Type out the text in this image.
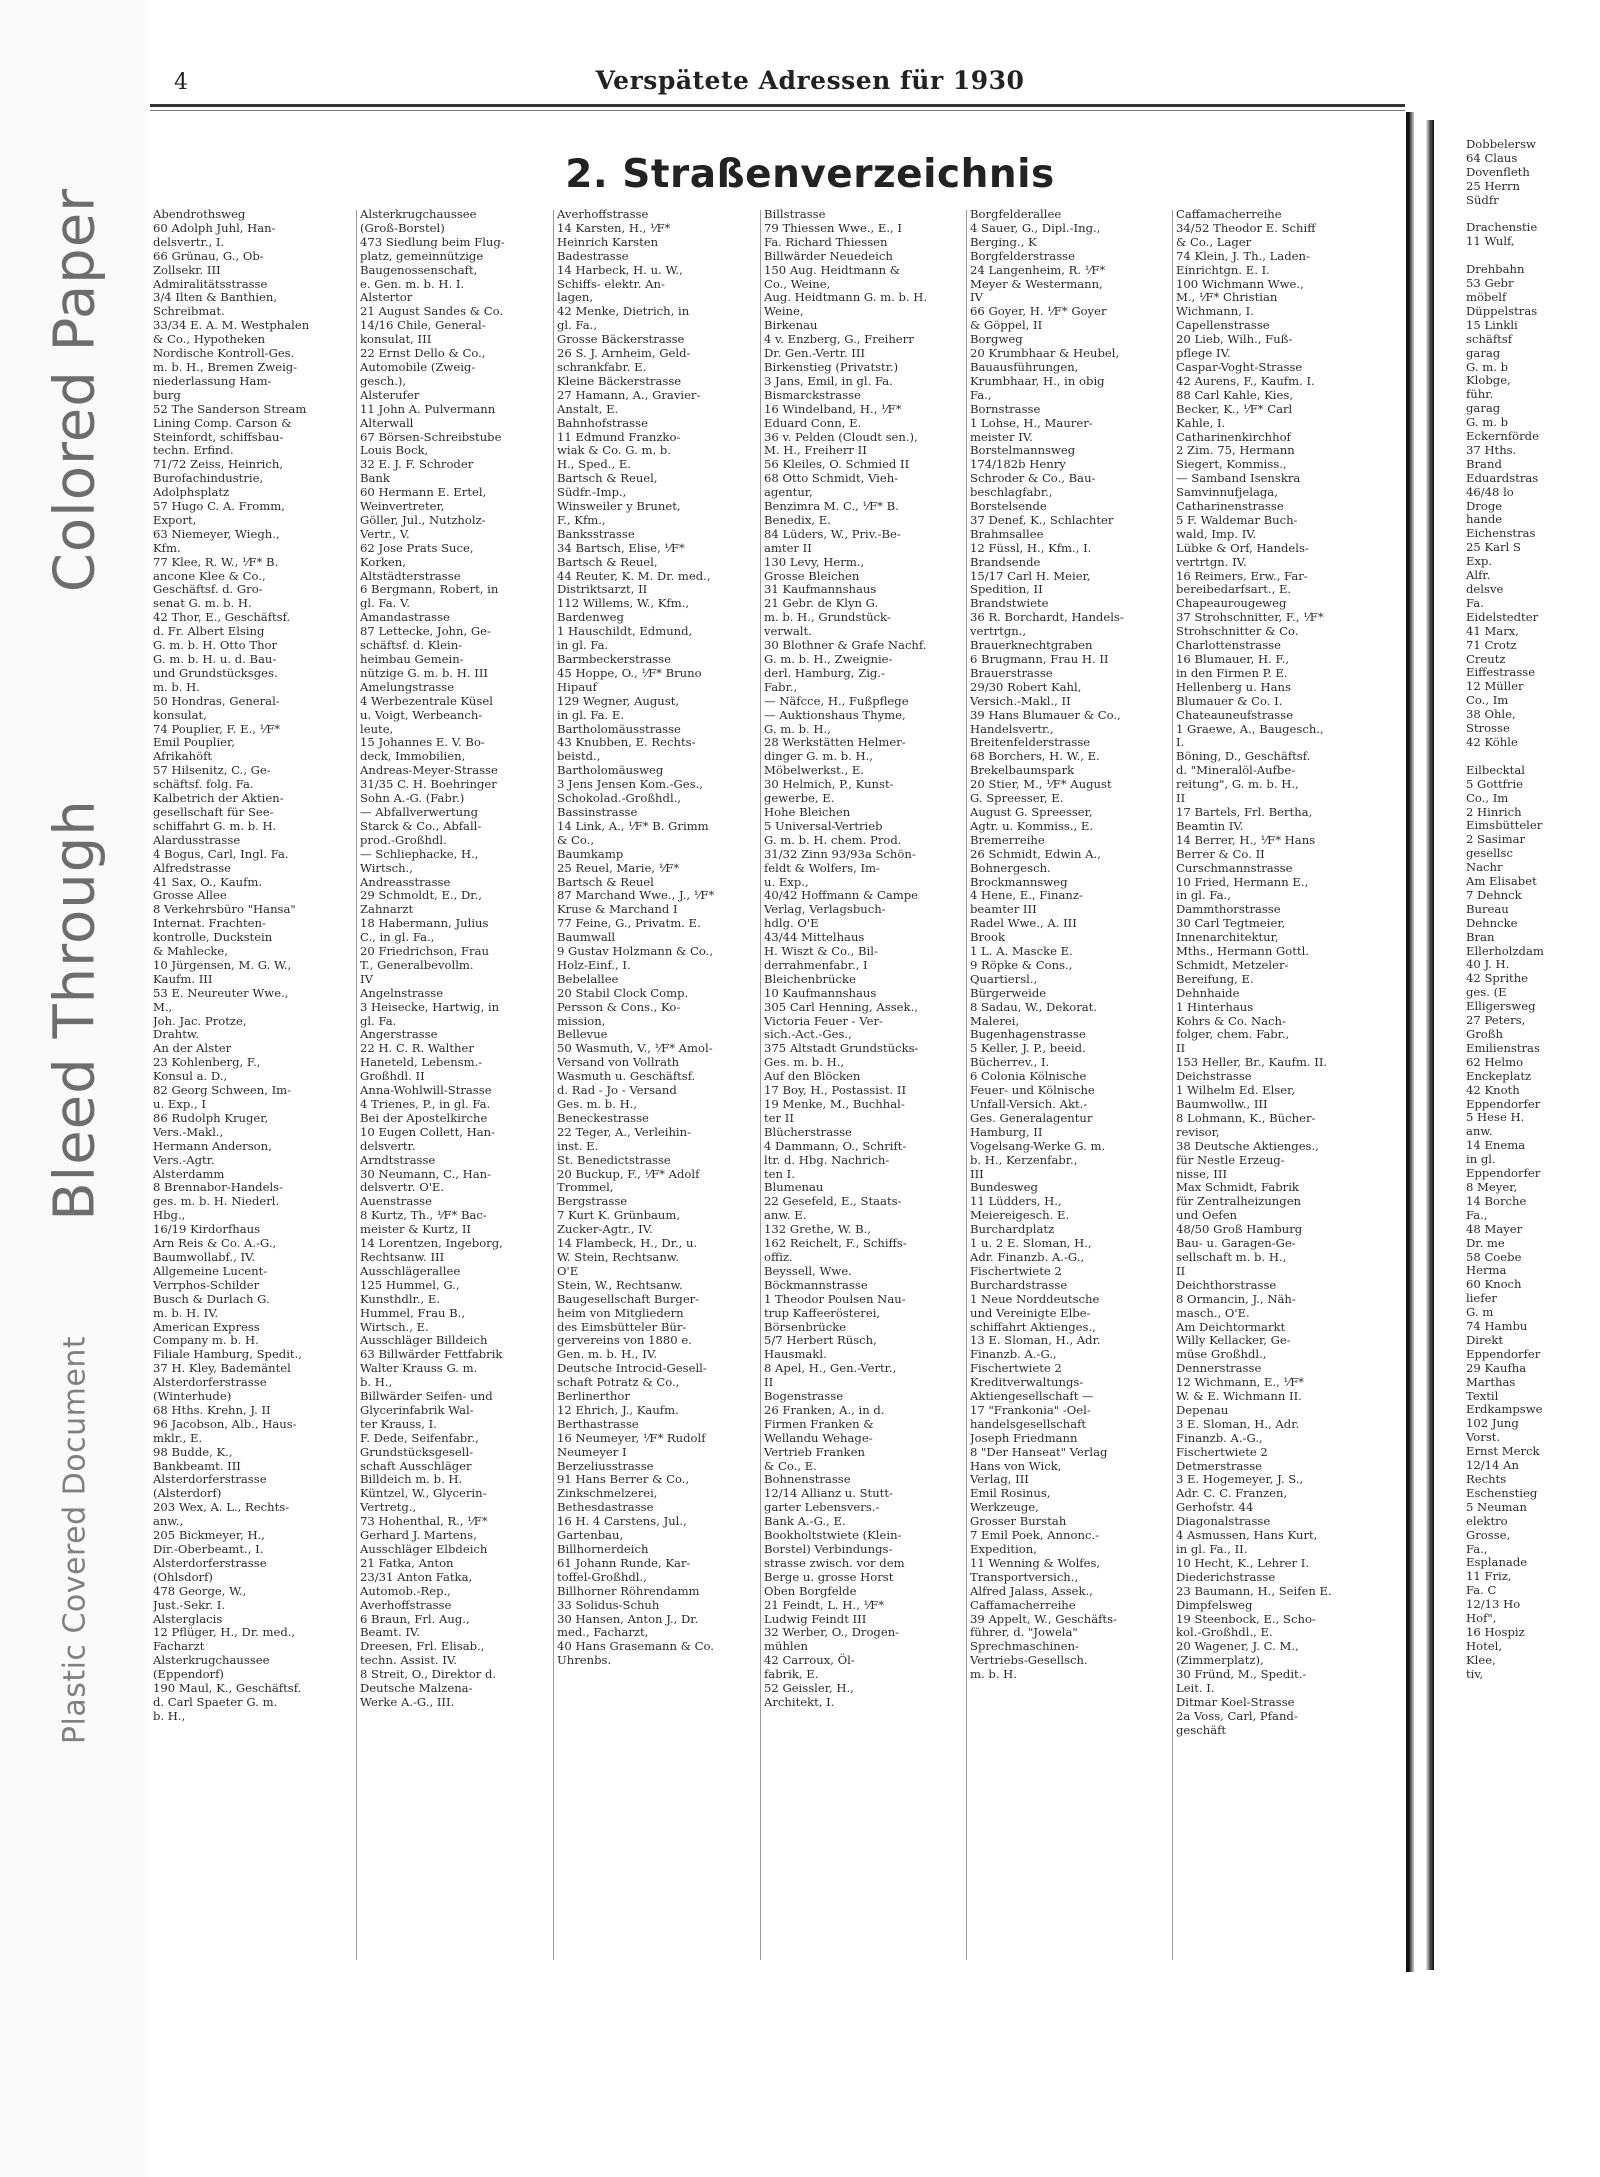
Plastic Covered Document
Bleed Through
Colored Paper
4	Verspätete Adressen für 1930
2. Straßenverzeichnis
Abendrothsweg
60 Adolph Juhl, Han-
delsvertr., I.
66 Grünau, G., Ob-
Zollsekr. III
Admiralitätsstrasse
3/4 Ilten & Banthien,
Schreibmat.
33/34 E. A. M. Westphalen
& Co., Hypotheken
Nordische Kontroll-Ges.
m. b. H., Bremen Zweig-
niederlassung Ham-
burg
52 The Sanderson Stream
Lining Comp. Carson &
Steinfordt, schiffsbau-
techn. Erfind.
71/72 Zeiss, Heinrich,
Burofachindustrie,
Adolphsplatz
57 Hugo C. A. Fromm,
Export,
63 Niemeyer, Wiegh.,
Kfm.
77 Klee, R. W., ⅟F* B.
ancone Klee & Co.,
Geschäftsf. d. Gro-
senat G. m. b. H.
42 Thor, E., Geschäftsf.
d. Fr. Albert Elsing
G. m. b. H. Otto Thor
G. m. b. H. u. d. Bau-
und Grundstücksges.
m. b. H.
50 Hondras, General-
konsulat,
74 Pouplier, F. E., ⅟F*
Emil Pouplier,
Afrikahöft
57 Hilsenitz, C., Ge-
schäftsf. folg. Fa.
Kalbetrich der Aktien-
gesellschaft für See-
schiffahrt G. m. b. H.
Alardusstrasse
4 Bogus, Carl, Ingl. Fa.
Alfredstrasse
41 Sax, O., Kaufm.
Grosse Allee
8 Verkehrsbüro "Hansa"
Internat. Frachten-
kontrolle, Duckstein
& Mahlecke,
10 Jürgensen, M. G. W.,
Kaufm. III
53 E. Neureuter Wwe.,
M.,
Joh. Jac. Protze,
Drahtw.
An der Alster
23 Kohlenberg, F.,
Konsul a. D.,
82 Georg Schween, Im-
u. Exp., I
86 Rudolph Kruger,
Vers.-Makl.,
Hermann Anderson,
Vers.-Agtr.
Alsterdamm
8 Brennabor-Handels-
ges. m. b. H. Niederl.
Hbg.,
16/19 Kirdorfhaus
Arn Reis & Co. A.-G.,
Baumwollabf., IV.
Allgemeine Lucent-
Verrphos-Schilder
Busch & Durlach G.
m. b. H. IV.
American Express
Company m. b. H.
Filiale Hamburg, Spedit.,
37 H. Kley, Bademäntel
Alsterdorferstrasse
(Winterhude)
68 Hths. Krehn, J. II
96 Jacobson, Alb., Haus-
mklr., E.
98 Budde, K.,
Bankbeamt. III
Alsterdorferstrasse
(Alsterdorf)
203 Wex, A. L., Rechts-
anw.,
205 Bickmeyer, H.,
Dir.-Oberbeamt., I.
Alsterdorferstrasse
(Ohlsdorf)
478 George, W.,
Just.-Sekr. I.
Alsterglacis
12 Pflüger, H., Dr. med.,
Facharzt
Alsterkrugchaussee
(Eppendorf)
190 Maul, K., Geschäftsf.
d. Carl Spaeter G. m.
b. H.,
Alsterkrugchaussee
(Groß-Borstel)
473 Siedlung beim Flug-
platz, gemeinnützige
Baugenossenschaft,
e. Gen. m. b. H. I.
Alstertor
21 August Sandes & Co.
14/16 Chile, General-
konsulat, III
22 Ernst Dello & Co.,
Automobile (Zweig-
gesch.),
Alsterufer
11 John A. Pulvermann
Alterwall
67 Börsen-Schreibstube
Louis Bock,
32 E. J. F. Schroder
Bank
60 Hermann E. Ertel,
Weinvertreter,
Göller, Jul., Nutzholz-
Vertr., V.
62 Jose Prats Suce,
Korken,
Altstädterstrasse
6 Bergmann, Robert, in
gl. Fa. V.
Amandastrasse
87 Lettecke, John, Ge-
schäftsf. d. Klein-
heimbau Gemein-
nützige G. m. b. H. III
Amelungstrasse
4 Werbezentrale Küsel
u. Voigt, Werbeanch-
leute,
15 Johannes E. V. Bo-
deck, Immobilien,
Andreas-Meyer-Strasse
31/35 C. H. Boehringer
Sohn A.-G. (Fabr.)
— Abfallverwertung
Starck & Co., Abfall-
prod.-Großhdl.
— Schliephacke, H.,
Wirtsch.,
Andreasstrasse
29 Schmoldt, E., Dr.,
Zahnarzt
18 Habermann, Julius
C., in gl. Fa.,
20 Friedrichson, Frau
T., Generalbevollm.
IV
Angelnstrasse
3 Heisecke, Hartwig, in
gl. Fa.
Angerstrasse
22 H. C. R. Walther
Haneteld, Lebensm.-
Großhdl. II
Anna-Wohlwill-Strasse
4 Trienes, P., in gl. Fa.
Bei der Apostelkirche
10 Eugen Collett, Han-
delsvertr.
Arndtstrasse
30 Neumann, C., Han-
delsvertr. O'E.
Auenstrasse
8 Kurtz, Th., ⅟F* Bac-
meister & Kurtz, II
14 Lorentzen, Ingeborg,
Rechtsanw. III
Ausschlägerallee
125 Hummel, G.,
Kunsthdlr., E.
Hummel, Frau B.,
Wirtsch., E.
Ausschläger Billdeich
63 Billwärder Fettfabrik
Walter Krauss G. m.
b. H.,
Billwärder Seifen- und
Glycerinfabrik Wal-
ter Krauss, I.
F. Dede, Seifenfabr.,
Grundstücksgesell-
schaft Ausschläger
Billdeich m. b. H.
Küntzel, W., Glycerin-
Vertretg.,
73 Hohenthal, R., ⅟F*
Gerhard J. Martens,
Ausschläger Elbdeich
21 Fatka, Anton
23/31 Anton Fatka,
Automob.-Rep.,
Averhoffstrasse
6 Braun, Frl. Aug.,
Beamt. IV.
Dreesen, Frl. Elisab.,
techn. Assist. IV.
8 Streit, O., Direktor d.
Deutsche Malzena-
Werke A.-G., III.
Averhoffstrasse
14 Karsten, H., ⅟F*
Heinrich Karsten
Badestrasse
14 Harbeck, H. u. W.,
Schiffs- elektr. An-
lagen,
42 Menke, Dietrich, in
gl. Fa.,
Grosse Bäckerstrasse
26 S. J. Arnheim, Geld-
schrankfabr. E.
Kleine Bäckerstrasse
27 Hamann, A., Gravier-
Anstalt, E.
Bahnhofstrasse
11 Edmund Franzko-
wiak & Co. G. m. b.
H., Sped., E.
Bartsch & Reuel,
Südfr.-Imp.,
Winsweiler y Brunet,
F., Kfm.,
Banksstrasse
34 Bartsch, Elise, ⅟F*
Bartsch & Reuel,
44 Reuter, K. M. Dr. med.,
Distriktsarzt, II
112 Willems, W., Kfm.,
Bardenweg
1 Hauschildt, Edmund,
in gl. Fa.
Barmbeckerstrasse
45 Hoppe, O., ⅟F* Bruno
Hipauf
129 Wegner, August,
in gl. Fa. E.
Bartholomäusstrasse
43 Knubben, E. Rechts-
beistd.,
Bartholomäusweg
3 Jens Jensen Kom.-Ges.,
Schokolad.-Großhdl.,
Bassinstrasse
14 Link, A., ⅟F* B. Grimm
& Co.,
Baumkamp
25 Reuel, Marie, ⅟F*
Bartsch & Reuel
87 Marchand Wwe., J., ⅟F*
Kruse & Marchand I
77 Feine, G., Privatm. E.
Baumwall
9 Gustav Holzmann & Co.,
Holz-Einf., I.
Bebelallee
20 Stabil Clock Comp.
Persson & Cons., Ko-
mission,
Bellevue
50 Wasmuth, V., ⅟F* Amol-
Versand von Vollrath
Wasmuth u. Geschäftsf.
d. Rad - Jo - Versand
Ges. m. b. H.,
Beneckestrasse
22 Teger, A., Verleihin-
inst. E.
St. Benedictstrasse
20 Buckup, F., ⅟F* Adolf
Trommel,
Bergstrasse
7 Kurt K. Grünbaum,
Zucker-Agtr., IV.
14 Flambeck, H., Dr., u.
W. Stein, Rechtsanw.
O'E
Stein, W., Rechtsanw.
Baugesellschaft Burger-
heim von Mitgliedern
des Eimsbütteler Bür-
gervereins von 1880 e.
Gen. m. b. H., IV.
Deutsche Introcid-Gesell-
schaft Potratz & Co.,
Berlinerthor
12 Ehrich, J., Kaufm.
Berthastrasse
16 Neumeyer, ⅟F* Rudolf
Neumeyer I
Berzeliusstrasse
91 Hans Berrer & Co.,
Zinkschmelzerei,
Bethesdastrasse
16 H. 4 Carstens, Jul.,
Gartenbau,
Billhornerdeich
61 Johann Runde, Kar-
toffel-Großhdl.,
Billhorner Röhrendamm
33 Solidus-Schuh
30 Hansen, Anton J., Dr.
med., Facharzt,
40 Hans Grasemann & Co.
Uhrenbs.
Billstrasse
79 Thiessen Wwe., E., I
Fa. Richard Thiessen
Billwärder Neuedeich
150 Aug. Heidtmann &
Co., Weine,
Aug. Heidtmann G. m. b. H.
Weine,
Birkenau
4 v. Enzberg, G., Freiherr
Dr. Gen.-Vertr. III
Birkenstieg (Privatstr.)
3 Jans, Emil, in gl. Fa.
Bismarckstrasse
16 Windelband, H., ⅟F*
Eduard Conn, E.
36 v. Pelden (Cloudt sen.),
M. H., Freiherr II
56 Kleiles, O. Schmied II
68 Otto Schmidt, Vieh-
agentur,
Benzimra M. C., ⅟F* B.
Benedix, E.
84 Lüders, W., Priv.-Be-
amter II
130 Levy, Herm.,
Grosse Bleichen
31 Kaufmannshaus
21 Gebr. de Klyn G.
m. b. H., Grundstück-
verwalt.
30 Blothner & Grafe Nachf.
G. m. b. H., Zweignie-
derl. Hamburg, Zig.-
Fabr.,
— Näfcce, H., Fußpflege
— Auktionshaus Thyme,
G. m. b. H.,
28 Werkstätten Helmer-
dinger G. m. b. H.,
Möbelwerkst., E.
30 Helmich, P., Kunst-
gewerbe, E.
Hohe Bleichen
5 Universal-Vertrieb
G. m. b. H. chem. Prod.
31/32 Zinn 93/93a Schön-
feldt & Wolfers, Im-
u. Exp.,
40/42 Hoffmann & Campe
Verlag, Verlagsbuch-
hdlg. O'E
43/44 Mittelhaus
H. Wiszt & Co., Bil-
derrahmenfabr., I
Bleichenbrücke
10 Kaufmannshaus
305 Carl Henning, Assek.,
Victoria Feuer - Ver-
sich.-Act.-Ges.,
375 Altstadt Grundstücks-
Ges. m. b. H.,
Auf den Blöcken
17 Boy, H., Postassist. II
19 Menke, M., Buchhal-
ter II
Blücherstrasse
4 Dammann, O., Schrift-
ltr. d. Hbg. Nachrich-
ten I.
Blumenau
22 Gesefeld, E., Staats-
anw. E.
132 Grethe, W. B.,
162 Reichelt, F., Schiffs-
offiz.
Beyssell, Wwe.
Böckmannstrasse
1 Theodor Poulsen Nau-
trup Kaffeerösterei,
Börsenbrücke
5/7 Herbert Rüsch,
Hausmakl.
8 Apel, H., Gen.-Vertr.,
II
Bogenstrasse
26 Franken, A., in d.
Firmen Franken &
Wellandu Wehage-
Vertrieb Franken
& Co., E.
Bohnenstrasse
12/14 Allianz u. Stutt-
garter Lebensvers.-
Bank A.-G., E.
Bookholtstwiete (Klein-
Borstel) Verbindungs-
strasse zwisch. vor dem
Berge u. grosse Horst
Oben Borgfelde
21 Feindt, L. H., ⅟F*
Ludwig Feindt III
32 Werber, O., Drogen-
mühlen
42 Carroux, Öl-
fabrik, E.
52 Geissler, H.,
Architekt, I.
Borgfelderallee
4 Sauer, G., Dipl.-Ing.,
Berging., K
Borgfelderstrasse
24 Langenheim, R. ⅟F*
Meyer & Westermann,
IV
66 Goyer, H. ⅟F* Goyer
& Göppel, II
Borgweg
20 Krumbhaar & Heubel,
Bauausführungen,
Krumbhaar, H., in obig
Fa.,
Bornstrasse
1 Lohse, H., Maurer-
meister IV.
Borstelmannsweg
174/182b Henry
Schroder & Co., Bau-
beschlagfabr.,
Borstelsende
37 Denef, K., Schlachter
Brahmsallee
12 Füssl, H., Kfm., I.
Brandsende
15/17 Carl H. Meier,
Spedition, II
Brandstwiete
36 R. Borchardt, Handels-
vertrtgn.,
Brauerknechtgraben
6 Brugmann, Frau H. II
Brauerstrasse
29/30 Robert Kahl,
Versich.-Makl., II
39 Hans Blumauer & Co.,
Handelsvertr.,
Breitenfelderstrasse
68 Borchers, H. W., E.
Brekelbaumspark
20 Stier, M., ⅟F* August
G. Spreesser, E.
August G. Spreesser,
Agtr. u. Kommiss., E.
Bremerreihe
26 Schmidt, Edwin A.,
Bohnergesch.
Brockmannsweg
4 Hene, E., Finanz-
beamter III
Radel Wwe., A. III
Brook
1 L. A. Mascke E.
9 Röpke & Cons.,
Quartiersl.,
Bürgerweide
8 Sadau, W., Dekorat.
Malerei,
Bugenhagenstrasse
5 Keller, J. P., beeid.
Bücherrev., I.
6 Colonia Kölnische
Feuer- und Kölnische
Unfall-Versich. Akt.-
Ges. Generalagentur
Hamburg, II
Vogelsang-Werke G. m.
b. H., Kerzenfabr.,
III
Bundesweg
11 Lüdders, H.,
Meiereigesch. E.
Burchardplatz
1 u. 2 E. Sloman, H.,
Adr. Finanzb. A.-G.,
Fischertwiete 2
Burchardstrasse
1 Neue Norddeutsche
und Vereinigte Elbe-
schiffahrt Aktienges.,
13 E. Sloman, H., Adr.
Finanzb. A.-G.,
Fischertwiete 2
Kreditverwaltungs-
Aktiengesellschaft —
17 "Frankonia" -Oel-
handelsgesellschaft
Joseph Friedmann
8 "Der Hanseat" Verlag
Hans von Wick,
Verlag, III
Emil Rosinus,
Werkzeuge,
Grosser Burstah
7 Emil Poek, Annonc.-
Expedition,
11 Wenning & Wolfes,
Transportversich.,
Alfred Jalass, Assek.,
Caffamacherreihe
39 Appelt, W., Geschäfts-
führer, d. "Jowela"
Sprechmaschinen-
Vertriebs-Gesellsch.
m. b. H.
Caffamacherreihe
34/52 Theodor E. Schiff
& Co., Lager
74 Klein, J. Th., Laden-
Einrichtgn. E. I.
100 Wichmann Wwe.,
M., ⅟F* Christian
Wichmann, I.
Capellenstrasse
20 Lieb, Wilh., Fuß-
pflege IV.
Caspar-Voght-Strasse
42 Aurens, F., Kaufm. I.
88 Carl Kahle, Kies,
Becker, K., ⅟F* Carl
Kahle, I.
Catharinenkirchhof
2 Zim. 75, Hermann
Siegert, Kommiss.,
— Samband Isenskra
Samvinnufjelaga,
Catharinenstrasse
5 F. Waldemar Buch-
wald, Imp. IV.
Lübke & Orf, Handels-
vertrtgn. IV.
16 Reimers, Erw., Far-
bereibedarfsart., E.
Chapeaurougeweg
37 Strohschnitter, F., ⅟F*
Strohschnitter & Co.
Charlottenstrasse
16 Blumauer, H. F.,
in den Firmen P. E.
Hellenberg u. Hans
Blumauer & Co. I.
Chateauneufstrasse
1 Graewe, A., Baugesch.,
I.
Böning, D., Geschäftsf.
d. "Mineralöl-Aufbe-
reitung", G. m. b. H.,
II
17 Bartels, Frl. Bertha,
Beamtin IV.
14 Berrer, H., ⅟F* Hans
Berrer & Co. II
Curschmannstrasse
10 Fried, Hermann E.,
in gl. Fa.,
Dammthorstrasse
30 Carl Tegtmeier,
Innenarchitektur,
Mths., Hermann Gottl.
Schmidt, Metzeler-
Bereifung, E.
Dehnhaide
1 Hinterhaus
Kohrs & Co. Nach-
folger, chem. Fabr.,
II
153 Heller, Br., Kaufm. II.
Deichstrasse
1 Wilhelm Ed. Elser,
Baumwollw., III
8 Lohmann, K., Bücher-
revisor,
38 Deutsche Aktienges.,
für Nestle Erzeug-
nisse, III
Max Schmidt, Fabrik
für Zentralheizungen
und Oefen
48/50 Groß Hamburg
Bau- u. Garagen-Ge-
sellschaft m. b. H.,
II
Deichthorstrasse
8 Ormancin, J., Näh-
masch., O'E.
Am Deichtormarkt
Willy Kellacker, Ge-
müse Großhdl.,
Dennerstrasse
12 Wichmann, E., ⅟F*
W. & E. Wichmann II.
Depenau
3 E. Sloman, H., Adr.
Finanzb. A.-G.,
Fischertwiete 2
Detmerstrasse
3 E. Hogemeyer, J. S.,
Adr. C. C. Franzen,
Gerhofstr. 44
Diagonalstrasse
4 Asmussen, Hans Kurt,
in gl. Fa., II.
10 Hecht, K., Lehrer I.
Diederichstrasse
23 Baumann, H., Seifen E.
Dimpfelsweg
19 Steenbock, E., Scho-
kol.-Großhdl., E.
20 Wagener, J. C. M.,
(Zimmerplatz),
30 Fründ, M., Spedit.-
Leit. I.
Ditmar Koel-Strasse
2a Voss, Carl, Pfand-
geschäft
Dobbelersw
64 Claus
Dovenfleth
25 Herrn
Südfr

Drachenstie
11 Wulf,

Drehbahn
53 Gebr
möbelf
Düppelstras
15 Linkli
schäftsf
garag
G. m. b
Klobge,
führ.
garag
G. m. b
Eckernförde
37 Hths.
Brand
Eduardstras
46/48 lo
Droge
hande
Eichenstras
25 Karl S
Exp.
Alfr.
delsve
Fa.
Eidelstedter
41 Marx,
71 Crotz
Creutz
Eiffestrasse
12 Müller
Co., Im
38 Ohle,
Strosse
42 Köhle

Eilbecktal
5 Gottfrie
Co., Im
2 Hinrich
Eimsbütteler
2 Sasimar
gesellsc
Nachr
Am Elisabet
7 Dehnck
Bureau
Dehncke
Bran
Ellerholzdam
40 J. H.
42 Sprithe
ges. (E
Elligersweg
27 Peters,
Großh
Emilienstras
62 Helmo
Enckeplatz
42 Knoth
Eppendorfer
5 Hese H.
anw.
14 Enema
in gl.
Eppendorfer
8 Meyer,
14 Borche
Fa.,
48 Mayer
Dr. me
58 Coebe
Herma
60 Knoch
liefer
G. m
74 Hambu
Direkt
Eppendorfer
29 Kaufha
Marthas
Textil
Erdkampswe
102 Jung
Vorst.
Ernst Merck
12/14 An
Rechts
Eschenstieg
5 Neuman
elektro
Grosse,
Fa.,
Esplanade
11 Friz,
Fa. C
12/13 Ho
Hof",
16 Hospiz
Hotel,
Klee,
tiv,
